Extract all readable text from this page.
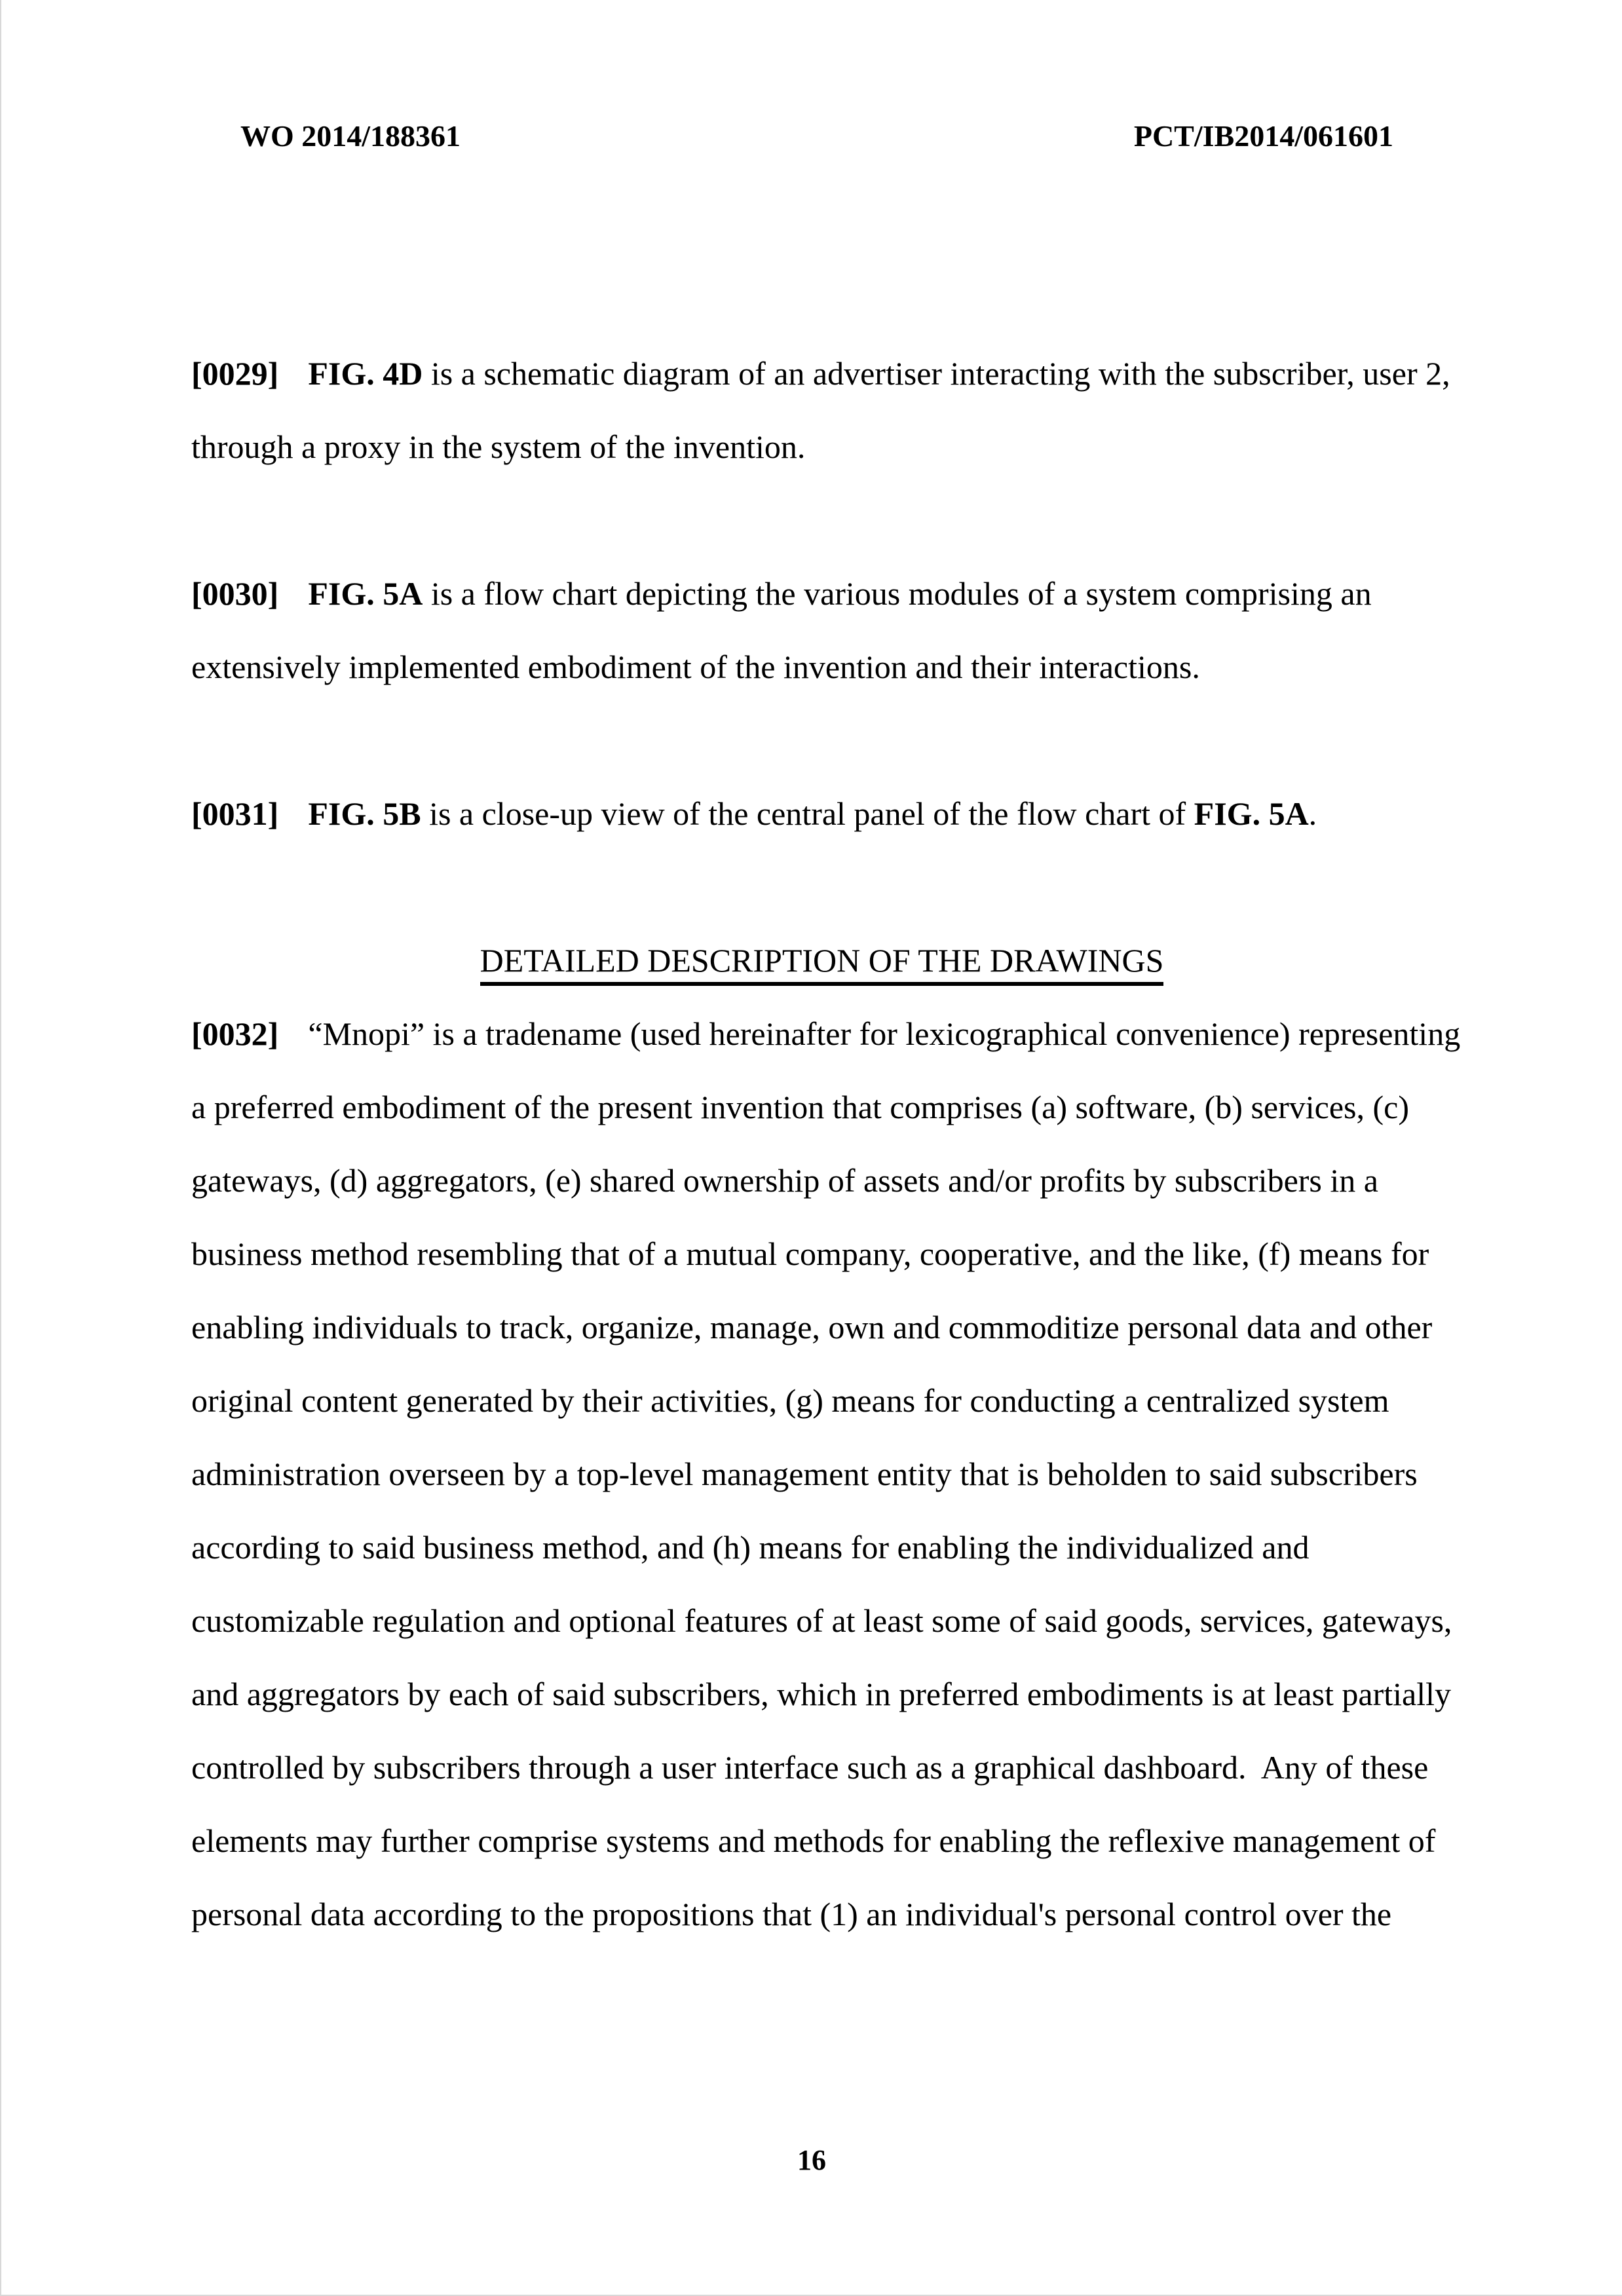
WO 2014/188361	PCT/IB2014/061601
[0029] FIG. 4D is a schematic diagram of an advertiser interacting with the subscriber, user 2,
through a proxy in the system of the invention.
[0030] FIG. 5A is a flow chart depicting the various modules of a system comprising an
extensively implemented embodiment of the invention and their interactions.
[0031] FIG. 5B is a close-up view of the central panel of the flow chart of FIG. 5A.
DETAILED DESCRIPTION OF THE DRAWINGS
[0032] “Mnopi” is a tradename (used hereinafter for lexicographical convenience) representing
a preferred embodiment of the present invention that comprises (a) software, (b) services, (c)
gateways, (d) aggregators, (e) shared ownership of assets and/or profits by subscribers in a
business method resembling that of a mutual company, cooperative, and the like, (f) means for
enabling individuals to track, organize, manage, own and commoditize personal data and other
original content generated by their activities, (g) means for conducting a centralized system
administration overseen by a top-level management entity that is beholden to said subscribers
according to said business method, and (h) means for enabling the individualized and
customizable regulation and optional features of at least some of said goods, services, gateways,
and aggregators by each of said subscribers, which in preferred embodiments is at least partially
controlled by subscribers through a user interface such as a graphical dashboard.  Any of these
elements may further comprise systems and methods for enabling the reflexive management of
personal data according to the propositions that (1) an individual's personal control over the
16
